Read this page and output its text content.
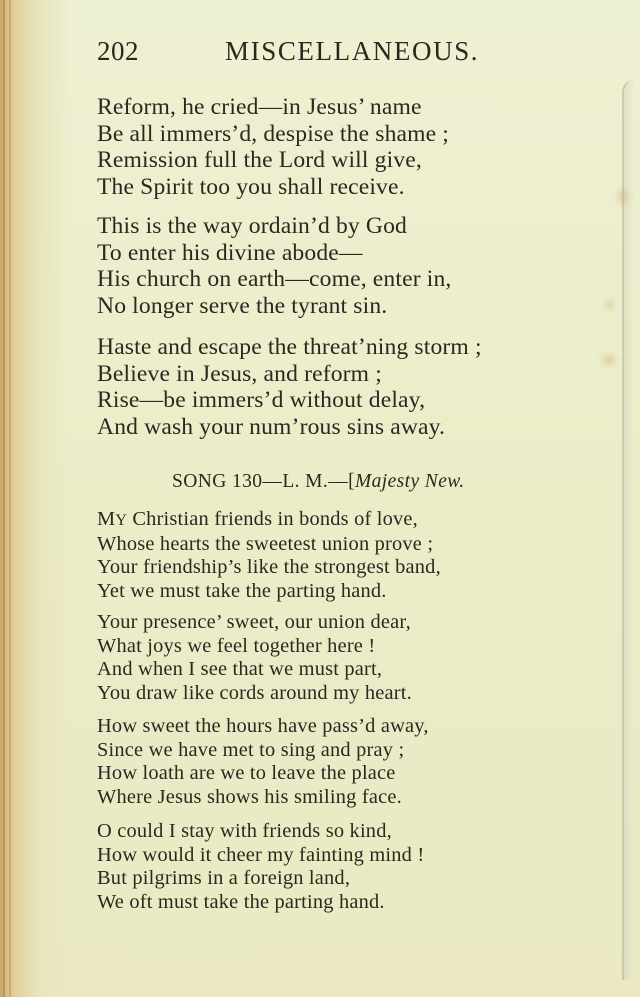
202	MISCELLANEOUS.
Reform, he cried—in Jesus’ name
Be all immers’d, despise the shame ;
Remission full the Lord will give,
The Spirit too you shall receive.
This is the way ordain’d by God
To enter his divine abode—
His church on earth—come, enter in,
No longer serve the tyrant sin.
Haste and escape the threat’ning storm ;
Believe in Jesus, and reform ;
Rise—be immers’d without delay,
And wash your num’rous sins away.
SONG 130—L. M.—[Majesty New.
MY Christian friends in bonds of love,
Whose hearts the sweetest union prove ;
Your friendship’s like the strongest band,
Yet we must take the parting hand.
Your presence’ sweet, our union dear,
What joys we feel together here !
And when I see that we must part,
You draw like cords around my heart.
How sweet the hours have pass’d away,
Since we have met to sing and pray ;
How loath are we to leave the place
Where Jesus shows his smiling face.
O could I stay with friends so kind,
How would it cheer my fainting mind !
But pilgrims in a foreign land,
We oft must take the parting hand.
